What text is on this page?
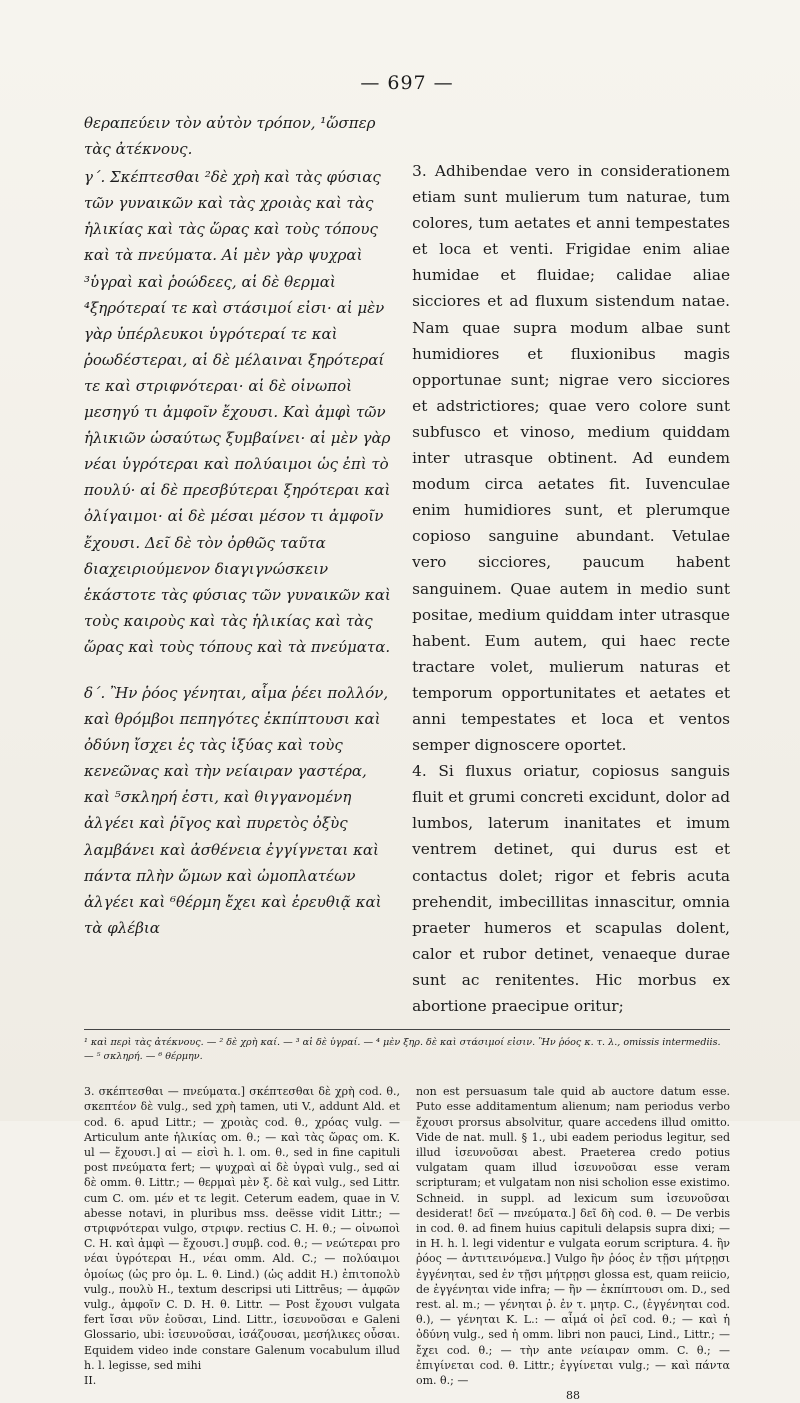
— 697 —

θεραπεύειν τὸν αὐτὸν τρόπον, ¹ὥσπερ τὰς ἀτέκνους.

γ΄. Σκέπτεσθαι ²δὲ χρὴ καὶ τὰς φύσιας τῶν γυναικῶν καὶ τὰς χροιὰς καὶ τὰς ἡλικίας καὶ τὰς ὥρας καὶ τοὺς τόπους καὶ τὰ πνεύματα. Αἱ μὲν γὰρ ψυχραὶ ³ὑγραὶ καὶ ῥοώδεες, αἱ δὲ θερμαὶ ⁴ξηρότεραί τε καὶ στάσιμοί εἰσι· αἱ μὲν γὰρ ὑπέρλευκοι ὑγρότεραί τε καὶ ῥοωδέστεραι, αἱ δὲ μέλαιναι ξηρότεραί τε καὶ στριφνότεραι· αἱ δὲ οἰνωποὶ μεσηγύ τι ἀμφοῖν ἔχουσι. Καὶ ἀμφὶ τῶν ἡλικιῶν ὡσαύτως ξυμβαίνει· αἱ μὲν γὰρ νέαι ὑγρότεραι καὶ πολύαιμοι ὡς ἐπὶ τὸ πουλύ· αἱ δὲ πρεσβύτεραι ξηρότεραι καὶ ὀλίγαιμοι· αἱ δὲ μέσαι μέσον τι ἀμφοῖν ἔχουσι. Δεῖ δὲ τὸν ὀρθῶς ταῦτα διαχειριούμενον διαγιγνώσκειν ἑκάστοτε τὰς φύσιας τῶν γυναικῶν καὶ τοὺς καιροὺς καὶ τὰς ἡλικίας καὶ τὰς ὥρας καὶ τοὺς τόπους καὶ τὰ πνεύματα.

δ΄. Ἢν ῥόος γένηται, αἷμα ῥέει πολλόν, καὶ θρόμβοι πεπηγότες ἐκπίπτουσι καὶ ὀδύνη ἴσχει ἐς τὰς ἰξύας καὶ τοὺς κενεῶνας καὶ τὴν νείαιραν γαστέρα, καὶ ⁵σκληρή ἐστι, καὶ θιγγανομένη ἀλγέει καὶ ῥῖγος καὶ πυρετὸς ὀξὺς λαμβάνει καὶ ἀσθένεια ἐγγίγνεται καὶ πάντα πλὴν ὤμων καὶ ὠμοπλατέων ἀλγέει καὶ ⁶θέρμη ἔχει καὶ ἐρευθιᾷ καὶ τὰ φλέβια

3. Adhibendae vero in considerationem etiam sunt mulierum tum naturae, tum colores, tum aetates et anni tempestates et loca et venti. Frigidae enim aliae humidae et fluidae; calidae aliae sicciores et ad fluxum sistendum natae. Nam quae supra modum albae sunt humidiores et fluxionibus magis opportunae sunt; nigrae vero sicciores et adstrictiores; quae vero colore sunt subfusco et vinoso, medium quiddam inter utrasque obtinent. Ad eundem modum circa aetates fit. Iuvenculae enim humidiores sunt, et plerumque copioso sanguine abundant. Vetulae vero sicciores, paucum habent sanguinem. Quae autem in medio sunt positae, medium quiddam inter utrasque habent. Eum autem, qui haec recte tractare volet, mulierum naturas et temporum opportunitates et aetates et anni tempestates et loca et ventos semper dignoscere oportet.

4. Si fluxus oriatur, copiosus sanguis fluit et grumi concreti excidunt, dolor ad lumbos, laterum inanitates et imum ventrem detinet, qui durus est et contactus dolet; rigor et febris acuta prehendit, imbecillitas innascitur, omnia praeter humeros et scapulas dolent, calor et rubor detinet, venaeque durae sunt ac renitentes. Hic morbus ex abortione praecipue oritur;

¹ καὶ περὶ τὰς ἀτέκνους. — ² δὲ χρὴ καί. — ³ αἱ δὲ ὑγραί. — ⁴ μὲν ξηρ. δὲ καὶ στάσιμοί εἰσιν. Ἢν ῥόος κ. τ. λ., omissis intermediis. — ⁵ σκληρή. — ⁶ θέρμην.

3. σκέπτεσθαι — πνεύματα.] σκέπτεσθαι δὲ χρὴ cod. θ., σκεπτέον δὲ vulg., sed χρὴ tamen, uti V., addunt Ald. et cod. 6. apud Littr.; — χροιὰς cod. θ., χρόας vulg. — Articulum ante ἡλικίας om. θ.; — καὶ τὰς ὥρας om. K. ul — ἔχουσι.] αἱ — εἰσὶ h. l. om. θ., sed in fine capituli post πνεύματα fert; — ψυχραὶ αἱ δὲ ὑγραὶ vulg., sed αἱ δὲ omm. θ. Littr.; — θερμαὶ μὲν ξ. δὲ καὶ vulg., sed Littr. cum C. om. μέν et τε legit. Ceterum eadem, quae in V. abesse notavi, in pluribus mss. deësse vidit Littr.; — στριφνότεραι vulgo, στριφν. rectius C. H. θ.; — οἰνωποὶ C. H. καὶ ἀμφὶ — ἔχουσι.] συμβ. cod. θ.; — νεώτεραι pro νέαι ὑγρότεραι H., νέαι omm. Ald. C.; — πολύαιμοι ὁμοίως (ὡς pro ὁμ. L. θ. Lind.) (ὡς addit H.) ἐπιτοπολὺ vulg., πουλὺ H., textum descripsi uti Littrēus; — ἀμφῶν vulg., ἀμφοῖν C. D. H. θ. Littr. — Post ἔχουσι vulgata fert ἴσαι νῦν ἐοῦσαι, Lind. Littr., ἰσευνοῦσαι e Galeni Glossario, ubi: ἰσευνοῦσαι, ἰσάζουσαι, μεσήλικες οὖσαι. Equidem video inde constare Galenum vocabulum illud h. l. legisse, sed mihi

II.

non est persuasum tale quid ab auctore datum esse. Puto esse additamentum alienum; nam periodus verbo ἔχουσι prorsus absolvitur, quare accedens illud omitto. Vide de nat. mull. § 1., ubi eadem periodus legitur, sed illud ἰσευνοῦσαι abest. Praeterea credo potius vulgatam quam illud ἰσευνοῦσαι esse veram scripturam; et vulgatam non nisi scholion esse existimo. Schneid. in suppl. ad lexicum sum ἰσευνοῦσαι desiderat! δεῖ — πνεύματα.] δεῖ δὴ cod. θ. — De verbis in cod. θ. ad finem huius capituli delapsis supra dixi; — in H. h. l. legi videntur e vulgata eorum scriptura. 4. ἢν ῥόος — ἀντιτεινόμενα.] Vulgo ἢν ῥόος ἐν τῇσι μήτρῃσι ἐγγένηται, sed ἐν τῇσι μήτρῃσι glossa est, quam reiicio, de ἐγγένηται vide infra; — ἢν — ἐκπίπτουσι om. D., sed rest. al. m.; — γένηται ῥ. ἐν τ. μητρ. C., (ἐγγένηται cod. θ.), — γένηται K. L.: — αἷμά οἱ ῥεῖ cod. θ.; — καὶ ἡ ὀδύνη vulg., sed ἡ omm. libri non pauci, Lind., Littr.; — ἔχει cod. θ.; — τὴν ante νείαιραν omm. C. θ.; — ἐπιγίνεται cod. θ. Littr.; ἐγγίνεται vulg.; — καὶ πάντα om. θ.; —

88
